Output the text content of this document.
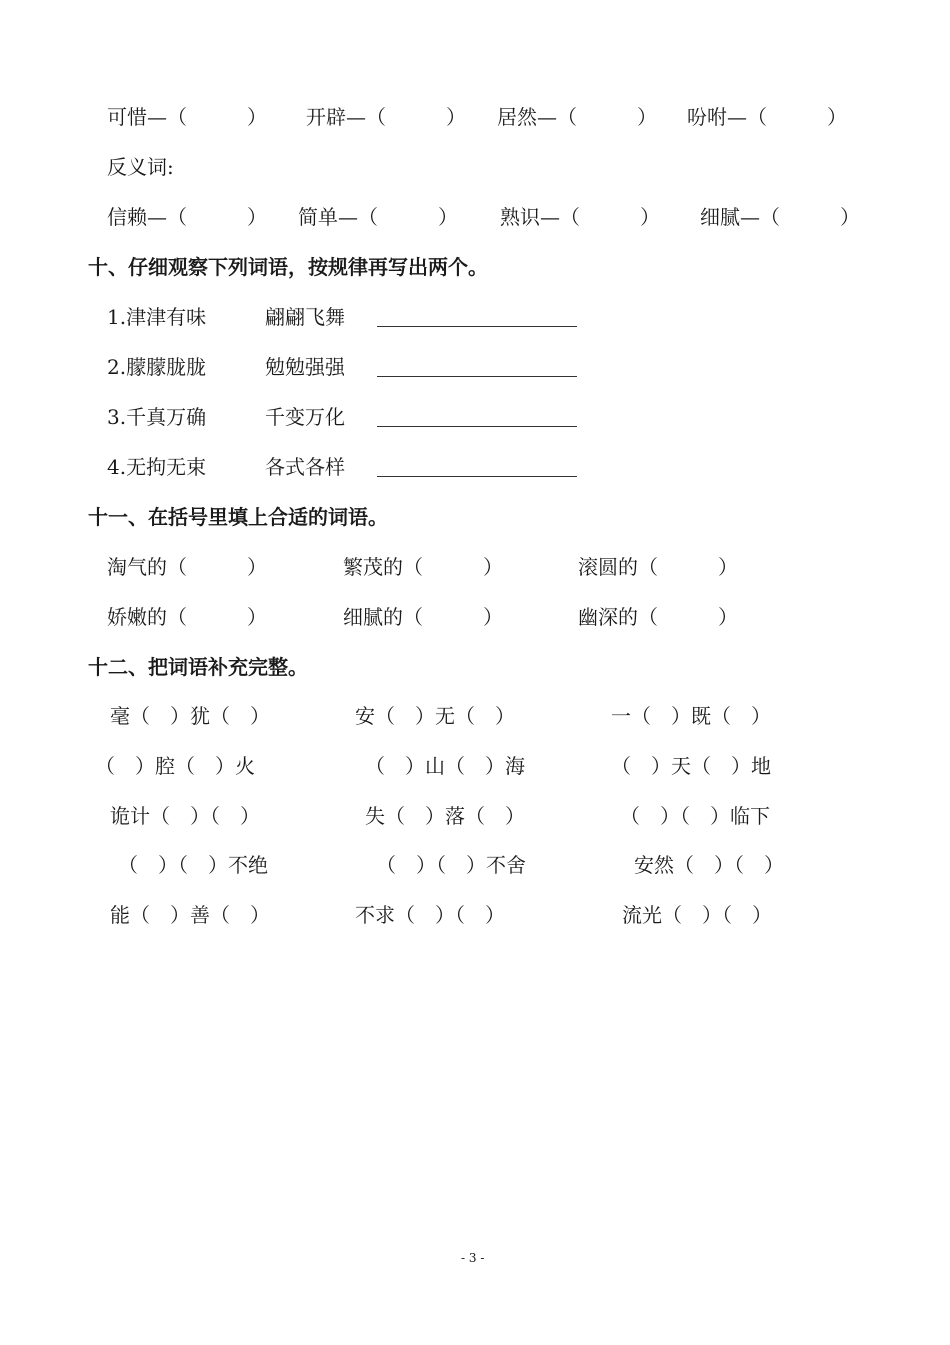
可惜—（　　　） 开辟—（　　　） 居然—（　　　） 吩咐—（　　　）
反义词:
信赖—（　　　） 简单—（　　　） 熟识—（　　　） 细腻—（　　　）
十、仔细观察下列词语，按规律再写出两个。
1.津津有味	翩翩飞舞
2.朦朦胧胧	勉勉强强
3.千真万确	千变万化
4.无拘无束	各式各样
十一、在括号里填上合适的词语。
淘气的（　　　）	繁茂的（　　　）	滚圆的（　　　）
娇嫩的（　　　）	细腻的（　　　）	幽深的（　　　）
十二、把词语补充完整。
毫（　）犹（　）	安（　）无（　）	一（　）既（　）
（　）腔（　）火	（　）山（　）海	（　）天（　）地
诡计（　）（　）	失（　）落（　）	（　）（　）临下
（　）（　）不绝	（　）（　）不舍	安然（　）（　）
能（　）善（　）	不求（　）（　）	流光（　）（　）
- 3 -
